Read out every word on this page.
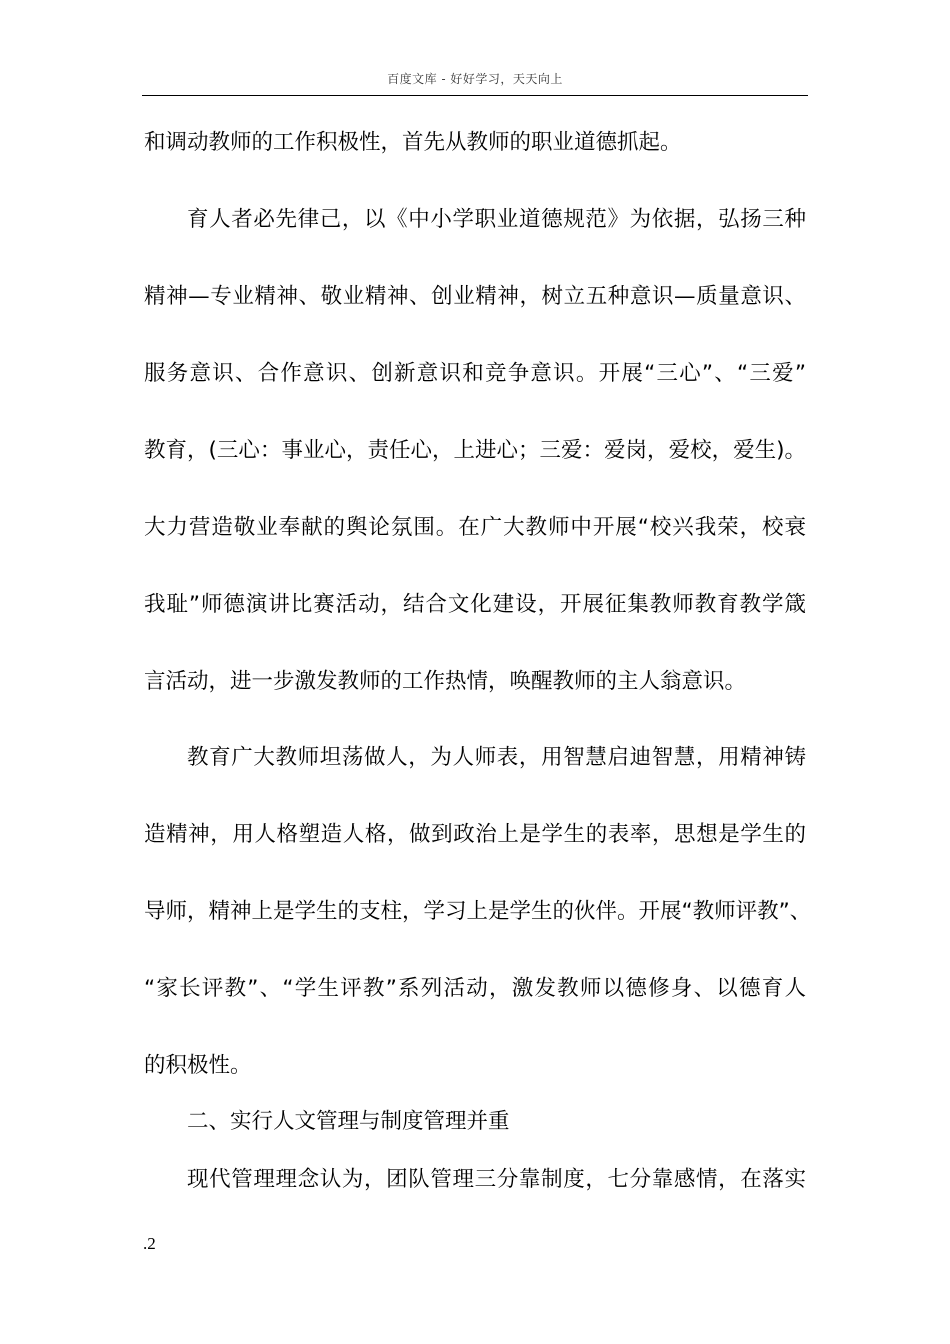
百度文库 - 好好学习，天天向上
和调动教师的工作积极性，首先从教师的职业道德抓起。
育人者必先律己，以《中小学职业道德规范》为依据，弘扬三种
精神—专业精神、敬业精神、创业精神，树立五种意识—质量意识、
服务意识、合作意识、创新意识和竞争意识。开展“三心”、“三爱”
教育，(三心：事业心，责任心，上进心；三爱：爱岗，爱校，爱生)。
大力营造敬业奉献的舆论氛围。在广大教师中开展“校兴我荣，校衰
我耻”师德演讲比赛活动，结合文化建设，开展征集教师教育教学箴
言活动，进一步激发教师的工作热情，唤醒教师的主人翁意识。
教育广大教师坦荡做人，为人师表，用智慧启迪智慧，用精神铸
造精神，用人格塑造人格，做到政治上是学生的表率，思想是学生的
导师，精神上是学生的支柱，学习上是学生的伙伴。开展“教师评教”、
“家长评教”、“学生评教”系列活动，激发教师以德修身、以德育人
的积极性。
二、实行人文管理与制度管理并重
现代管理理念认为，团队管理三分靠制度，七分靠感情，在落实
.2
